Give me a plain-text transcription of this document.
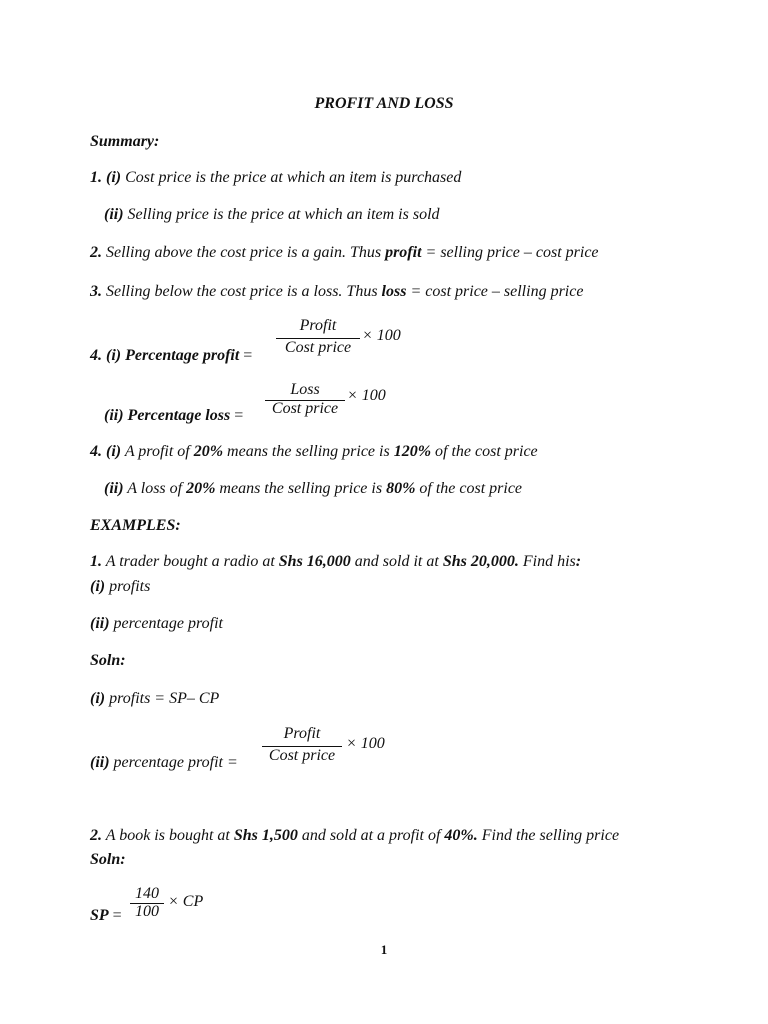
PROFIT AND LOSS
Summary:
1. (i) Cost price is the price at which an item is purchased
(ii) Selling price is the price at which an item is sold
2. Selling above the cost price is a gain. Thus profit = selling price – cost price
3. Selling below the cost price is a loss. Thus loss = cost price – selling price
4. (i) Percentage profit =
Profit
Cost price
× 100
(ii) Percentage loss =
Loss
Cost price
× 100
4. (i) A profit of 20% means the selling price is 120% of the cost price
(ii) A loss of 20% means the selling price is 80% of the cost price
EXAMPLES:
1. A trader bought a radio at Shs 16,000 and sold it at Shs 20,000. Find his:
(i) profits
(ii) percentage profit
Soln:
(i) profits = SP– CP
(ii) percentage profit =
Profit
Cost price
× 100
2. A book is bought at Shs 1,500 and sold at a profit of 40%. Find the selling price
Soln:
SP =
140
100
× CP
1
